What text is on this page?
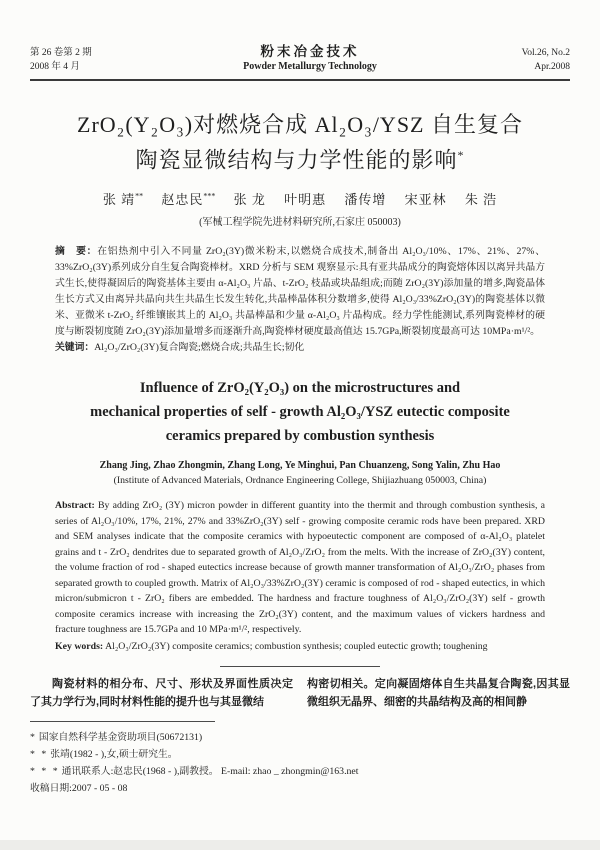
第 26 卷第 2 期
2008 年 4 月
粉末冶金技术
Powder Metallurgy Technology
Vol.26, No.2
Apr.2008
ZrO₂(Y₂O₃)对燃烧合成 Al₂O₃/YSZ 自生复合
陶瓷显微结构与力学性能的影响*
张 靖** 赵忠民*** 张 龙 叶明惠 潘传增 宋亚林 朱 浩
(军械工程学院先进材料研究所,石家庄 050003)
摘　要：在铝热剂中引入不同量 ZrO₂(3Y)微米粉末,以燃烧合成技术,制备出 Al₂O₃/10%、17%、21%、27%、33%ZrO₂(3Y)系列成分自生复合陶瓷棒材。XRD 分析与 SEM 观察显示:具有亚共晶成分的陶瓷熔体因以离异共晶方式生长,使得凝固后的陶瓷基体主要由 α-Al₂O₃ 片晶、t-ZrO₂ 枝晶或块晶组成;而随 ZrO₂(3Y)添加量的增多,陶瓷晶体生长方式又由离异共晶向共生共晶生长发生转化,共晶棒晶体积分数增多,使得 Al₂O₃/33%ZrO₂(3Y)的陶瓷基体以微米、亚微米 t-ZrO₂ 纤维镶嵌其上的 Al₂O₃ 共晶棒晶和少量 α-Al₂O₃ 片晶构成。经力学性能测试,系列陶瓷棒材的硬度与断裂韧度随 ZrO₂(3Y)添加量增多而逐渐升高,陶瓷棒材硬度最高值达 15.7GPa,断裂韧度最高可达 10MPa·m¹/²。
关键词：Al₂O₃/ZrO₂(3Y)复合陶瓷;燃烧合成;共晶生长;韧化
Influence of ZrO₂(Y₂O₃) on the microstructures and
mechanical properties of self - growth Al₂O₃/YSZ eutectic composite
ceramics prepared by combustion synthesis
Zhang Jing, Zhao Zhongmin, Zhang Long, Ye Minghui, Pan Chuanzeng, Song Yalin, Zhu Hao
(Institute of Advanced Materials, Ordnance Engineering College, Shijiazhuang 050003, China)
Abstract: By adding ZrO₂ (3Y) micron powder in different guantity into the thermit and through combustion synthesis, a series of Al₂O₃/10%, 17%, 21%, 27% and 33%ZrO₂(3Y) self - growing composite ceramic rods have been prepared. XRD and SEM analyses indicate that the composite ceramics with hypoeutectic component are composed of α-Al₂O₃ platelet grains and t - ZrO₂ dendrites due to separated growth of Al₂O₃/ZrO₂ from the melts. With the increase of ZrO₂(3Y) content, the volume fraction of rod - shaped eutectics increase because of growth manner transformation of Al₂O₃/ZrO₂ phases from separated growth to coupled growth. Matrix of Al₂O₃/33%ZrO₂(3Y) ceramic is composed of rod - shaped eutectics, in which micron/submicron t - ZrO₂ fibers are embedded. The hardness and fracture toughness of Al₂O₃/ZrO₂(3Y) self - growth composite ceramics increase with increasing the ZrO₂(3Y) content, and the maximum values of vickers hardness and fracture toughness are 15.7GPa and 10 MPa·m¹/², respectively.
Key words: Al₂O₃/ZrO₂(3Y) composite ceramics; combustion synthesis; coupled eutectic growth; toughening

陶瓷材料的相分布、尺寸、形状及界面性质决定了其力学行为,同时材料性能的提升也与其显微结

构密切相关。定向凝固熔体自生共晶复合陶瓷,因其显微组织无晶界、细密的共晶结构及高的相间静

* 国家自然科学基金资助项目(50672131)
* * 张靖(1982 - ),女,硕士研究生。
* * * 通讯联系人:赵忠民(1968 - ),副教授。 E-mail: zhao _ zhongmin@163.net
收稿日期:2007 - 05 - 08
